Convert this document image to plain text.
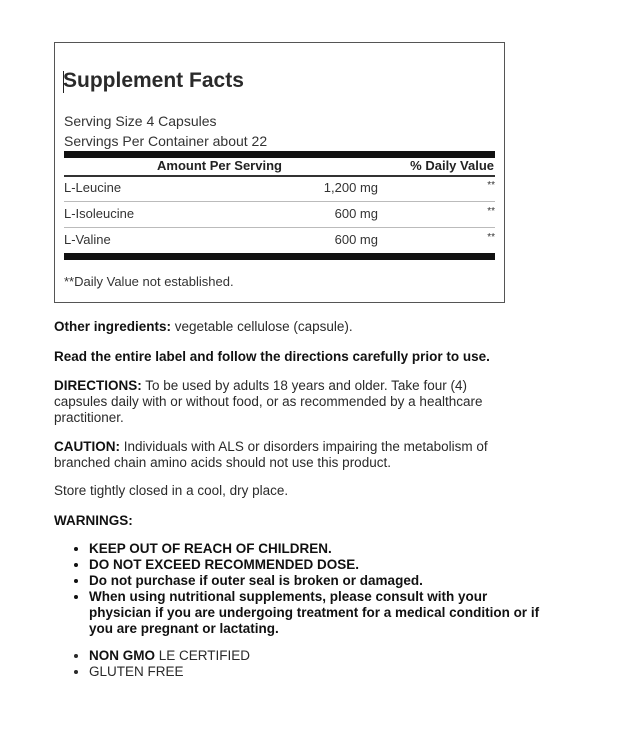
Supplement Facts
Serving Size 4 Capsules
Servings Per Container about 22
Amount Per Serving	% Daily Value
L-Leucine	1,200 mg	**
L-Isoleucine	600 mg	**
L-Valine	600 mg	**
**Daily Value not established.

Other ingredients: vegetable cellulose (capsule).

Read the entire label and follow the directions carefully prior to use.

DIRECTIONS: To be used by adults 18 years and older. Take four (4) capsules daily with or without food, or as recommended by a healthcare practitioner.

CAUTION: Individuals with ALS or disorders impairing the metabolism of branched chain amino acids should not use this product.

Store tightly closed in a cool, dry place.

WARNINGS:

• KEEP OUT OF REACH OF CHILDREN.
• DO NOT EXCEED RECOMMENDED DOSE.
• Do not purchase if outer seal is broken or damaged.
• When using nutritional supplements, please consult with your physician if you are undergoing treatment for a medical condition or if you are pregnant or lactating.
• NON GMO LE CERTIFIED
• GLUTEN FREE
